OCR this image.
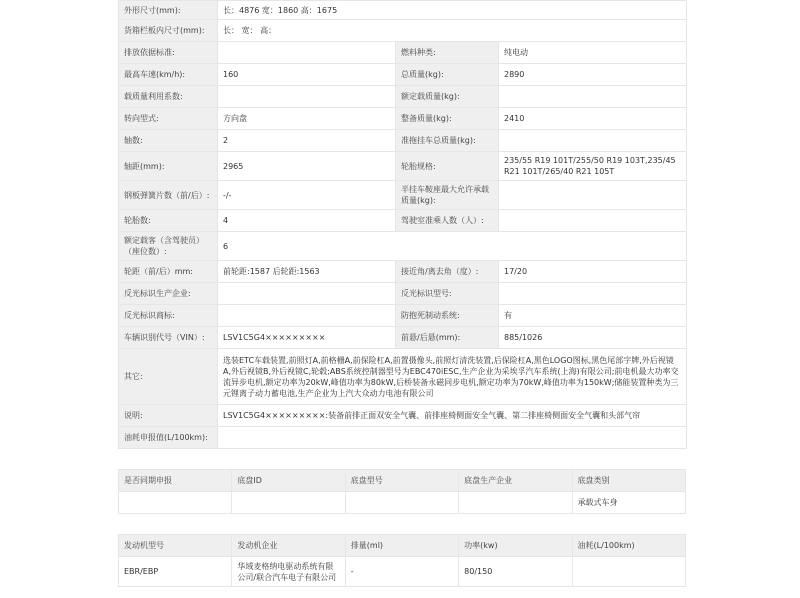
外形尺寸(mm):	长：4876 宽：1860 高：1675		
货箱栏板内尺寸(mm):	长： 宽： 高：		
排放依据标准:		燃料种类:	纯电动
最高车速(km/h):	160	总质量(kg):	2890
载质量利用系数:		额定载质量(kg):	
转向型式:	方向盘	整备质量(kg):	2410
轴数:	2	准拖挂车总质量(kg):	
轴距(mm):	2965	轮胎规格:	235/55 R19 101T/255/50 R19 103T,235/45 R21 101T/265/40 R21 105T
钢板弹簧片数（前/后）:	-/-	半挂车鞍座最大允许承载质量(kg):	
轮胎数:	4	驾驶室准乘人数（人）:	
额定载客（含驾驶员）（座位数）:	6		
轮距（前/后）mm:	前轮距:1587 后轮距:1563	接近角/离去角（度）:	17/20
反光标识生产企业:		反光标识型号:	
反光标识商标:		防抱死制动系统:	有
车辆识别代号（VIN）:	LSV1C5G4×××××××××	前悬/后悬(mm):	885/1026
其它:	选装ETC车载装置,前照灯A,前格栅A,前保险杠A,前置摄像头,前照灯清洗装置,后保险杠A,黑色LOGO图标,黑色尾部字牌,外后视镜A,外后视镜B,外后视镜C,轮毂;ABS系统控制器型号为EBC470iESC,生产企业为采埃孚汽车系统(上海)有限公司;前电机最大功率交流异步电机,额定功率为20kW,峰值功率为80kW,后桥装备永磁同步电机,额定功率为70kW,峰值功率为150kW;储能装置种类为三元锂离子动力蓄电池,生产企业为上汽大众动力电池有限公司		
说明:	LSV1C5G4×××××××××:装备前排正面双安全气囊、前排座椅侧面安全气囊、第二排座椅侧面安全气囊和头部气帘		
油耗申报值(L/100km):			
是否同期申报	底盘ID	底盘型号	底盘生产企业	底盘类别
				承载式车身
发动机型号	发动机企业	排量(ml)	功率(kw)	油耗(L/100km)
EBR/EBP	华域麦格纳电驱动系统有限公司/联合汽车电子有限公司	-	80/150	
